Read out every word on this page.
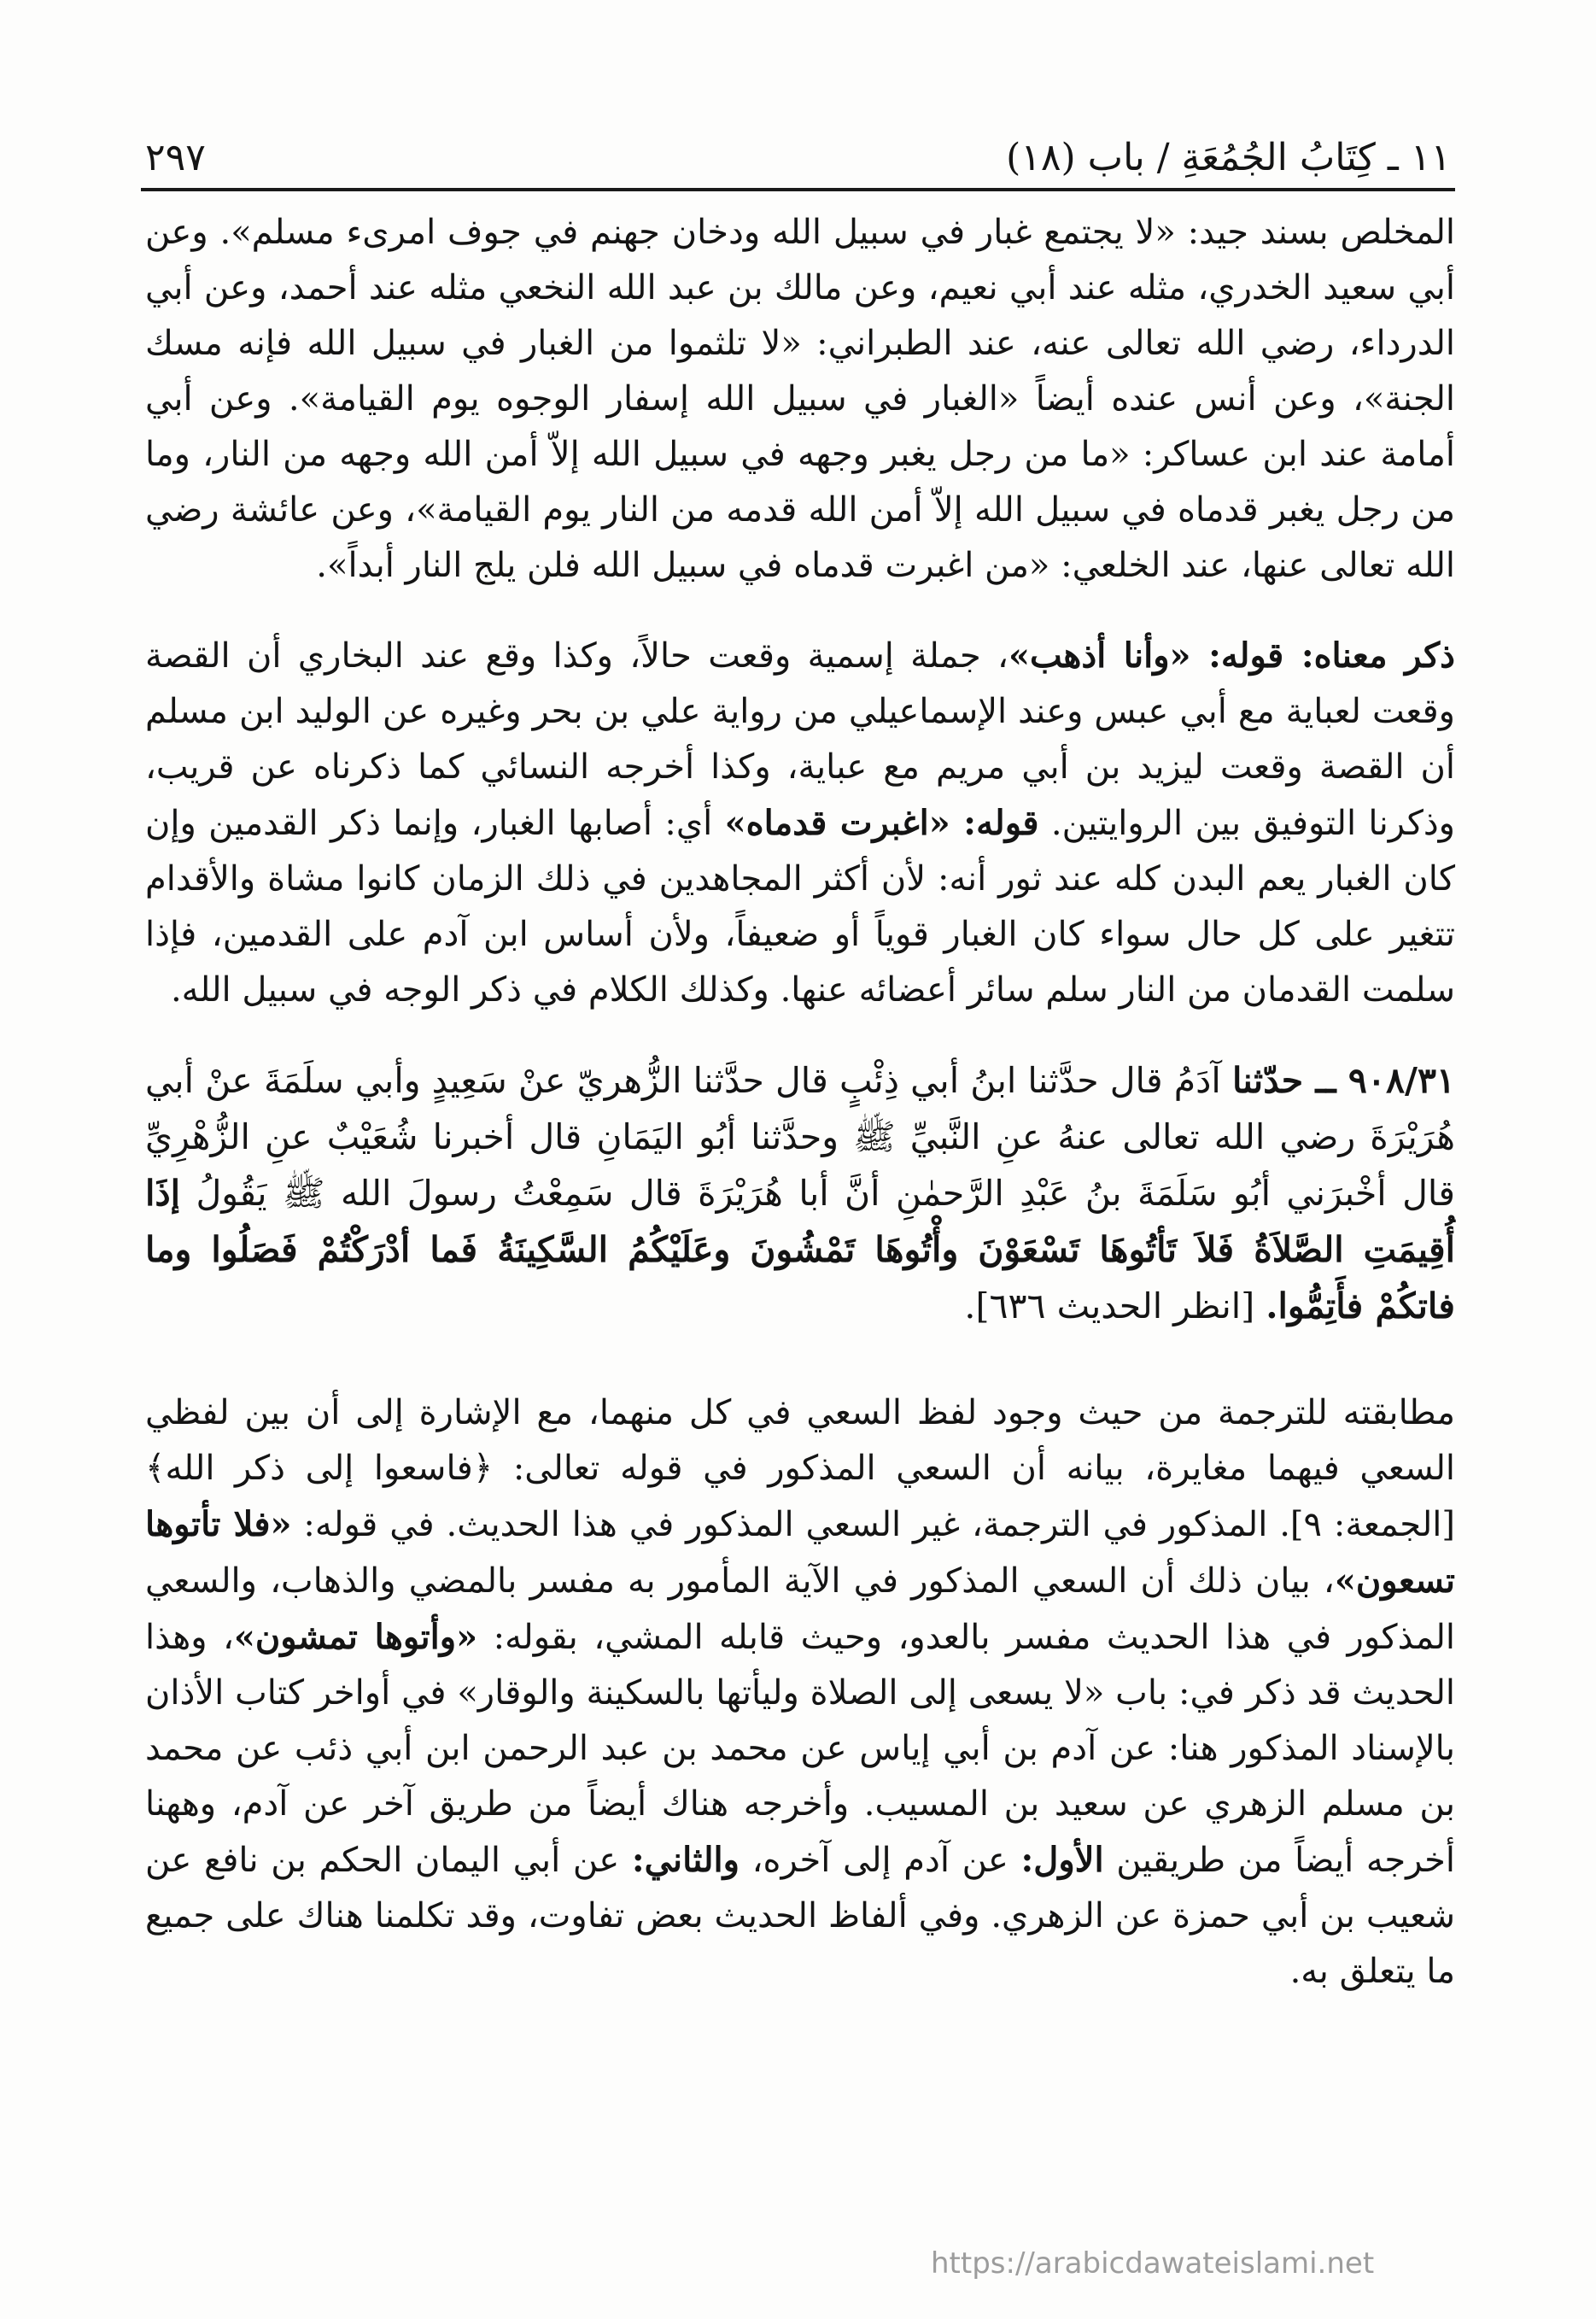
١١ ـ كِتَابُ الجُمُعَةِ / باب (١٨)
٢٩٧

المخلص بسند جيد: «لا يجتمع غبار في سبيل الله ودخان جهنم في جوف امرىء مسلم». وعن أبي سعيد الخدري، مثله عند أبي نعيم، وعن مالك بن عبد الله النخعي مثله عند أحمد، وعن أبي الدرداء، رضي الله تعالى عنه، عند الطبراني: «لا تلثموا من الغبار في سبيل الله فإنه مسك الجنة»، وعن أنس عنده أيضاً «الغبار في سبيل الله إسفار الوجوه يوم القيامة». وعن أبي أمامة عند ابن عساكر: «ما من رجل يغبر وجهه في سبيل الله إلاّ أمن الله وجهه من النار، وما من رجل يغبر قدماه في سبيل الله إلاّ أمن الله قدمه من النار يوم القيامة»، وعن عائشة رضي الله تعالى عنها، عند الخلعي: «من اغبرت قدماه في سبيل الله فلن يلج النار أبداً».

ذكر معناه: قوله: «وأنا أذهب»، جملة إسمية وقعت حالاً، وكذا وقع عند البخاري أن القصة وقعت لعباية مع أبي عبس وعند الإسماعيلي من رواية علي بن بحر وغيره عن الوليد ابن مسلم أن القصة وقعت ليزيد بن أبي مريم مع عباية، وكذا أخرجه النسائي كما ذكرناه عن قريب، وذكرنا التوفيق بين الروايتين. قوله: «اغبرت قدماه» أي: أصابها الغبار، وإنما ذكر القدمين وإن كان الغبار يعم البدن كله عند ثور أنه: لأن أكثر المجاهدين في ذلك الزمان كانوا مشاة والأقدام تتغير على كل حال سواء كان الغبار قوياً أو ضعيفاً، ولأن أساس ابن آدم على القدمين، فإذا سلمت القدمان من النار سلم سائر أعضائه عنها. وكذلك الكلام في ذكر الوجه في سبيل الله.

٩٠٨/٣١ ــ حدّثنا آدَمُ قال حدَّثنا ابنُ أبي ذِئْبٍ قال حدَّثنا الزُّهريّ عنْ سَعِيدٍ وأبي سلَمَةَ عنْ أبي هُرَيْرَةَ رضي الله تعالى عنهُ عنِ النَّبيِّ ﷺ وحدَّثنا أبُو اليَمَانِ قال أخبرنا شُعَيْبٌ عنِ الزُّهْرِيِّ قال أخْبرَني أبُو سَلَمَةَ بنُ عَبْدِ الرَّحمٰنِ أنَّ أبا هُرَيْرَةَ قال سَمِعْتُ رسولَ الله ﷺ يَقُولُ إذَا أُقِيمَتِ الصَّلاَةُ فَلاَ تَأتُوهَا تَسْعَوْنَ وأْتُوهَا تَمْشُونَ وعَلَيْكُمُ السَّكِينَةُ فَما أدْرَكْتُمْ فَصَلُوا وما فاتكُمْ فأَتِمُّوا. [انظر الحديث ٦٣٦].

مطابقته للترجمة من حيث وجود لفظ السعي في كل منهما، مع الإشارة إلى أن بين لفظي السعي فيهما مغايرة، بيانه أن السعي المذكور في قوله تعالى: ﴿فاسعوا إلى ذكر الله﴾ [الجمعة: ٩]. المذكور في الترجمة، غير السعي المذكور في هذا الحديث. في قوله: «فلا تأتوها تسعون»، بيان ذلك أن السعي المذكور في الآية المأمور به مفسر بالمضي والذهاب، والسعي المذكور في هذا الحديث مفسر بالعدو، وحيث قابله المشي، بقوله: «وأتوها تمشون»، وهذا الحديث قد ذكر في: باب «لا يسعى إلى الصلاة وليأتها بالسكينة والوقار» في أواخر كتاب الأذان بالإسناد المذكور هنا: عن آدم بن أبي إياس عن محمد بن عبد الرحمن ابن أبي ذئب عن محمد بن مسلم الزهري عن سعيد بن المسيب. وأخرجه هناك أيضاً من طريق آخر عن آدم، وههنا أخرجه أيضاً من طريقين الأول: عن آدم إلى آخره، والثاني: عن أبي اليمان الحكم بن نافع عن شعيب بن أبي حمزة عن الزهري. وفي ألفاظ الحديث بعض تفاوت، وقد تكلمنا هناك على جميع ما يتعلق به.

https://arabicdawateislami.net
